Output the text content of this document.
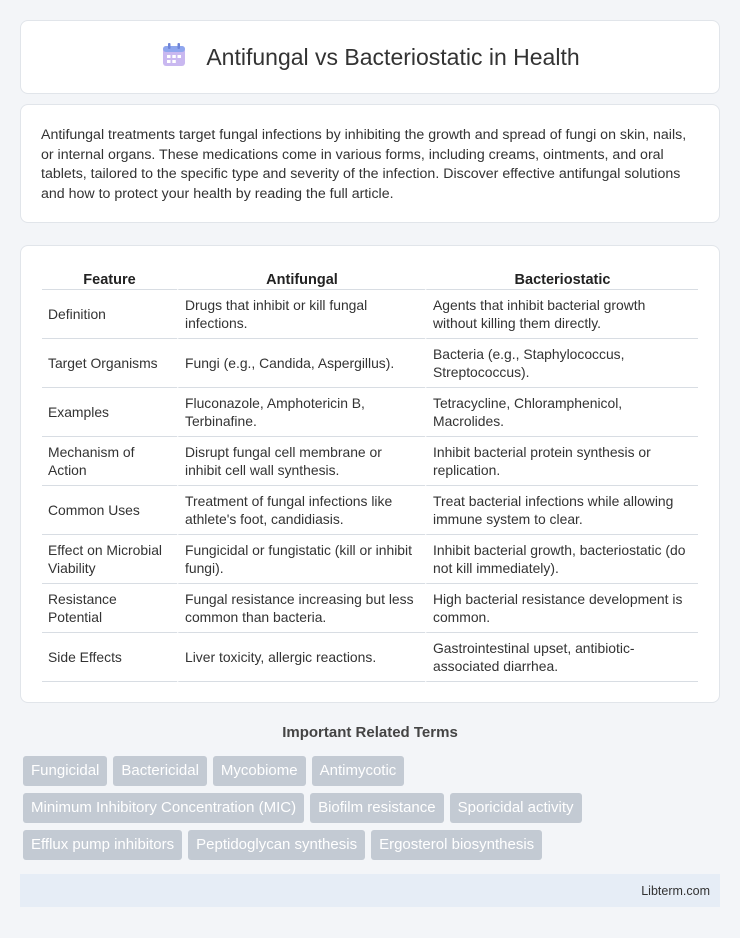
Antifungal vs Bacteriostatic in Health

Antifungal treatments target fungal infections by inhibiting the growth and spread of fungi on skin, nails, or internal organs. These medications come in various forms, including creams, ointments, and oral tablets, tailored to the specific type and severity of the infection. Discover effective antifungal solutions and how to protect your health by reading the full article.

Feature	Antifungal	Bacteriostatic
Definition	Drugs that inhibit or kill fungal infections.	Agents that inhibit bacterial growth without killing them directly.
Target Organisms	Fungi (e.g., Candida, Aspergillus).	Bacteria (e.g., Staphylococcus, Streptococcus).
Examples	Fluconazole, Amphotericin B, Terbinafine.	Tetracycline, Chloramphenicol, Macrolides.
Mechanism of Action	Disrupt fungal cell membrane or inhibit cell wall synthesis.	Inhibit bacterial protein synthesis or replication.
Common Uses	Treatment of fungal infections like athlete's foot, candidiasis.	Treat bacterial infections while allowing immune system to clear.
Effect on Microbial Viability	Fungicidal or fungistatic (kill or inhibit fungi).	Inhibit bacterial growth, bacteriostatic (do not kill immediately).
Resistance Potential	Fungal resistance increasing but less common than bacteria.	High bacterial resistance development is common.
Side Effects	Liver toxicity, allergic reactions.	Gastrointestinal upset, antibiotic-associated diarrhea.
Important Related Terms
Fungicidal	Bactericidal	Mycobiome	Antimycotic
Minimum Inhibitory Concentration (MIC)	Biofilm resistance	Sporicidal activity
Efflux pump inhibitors	Peptidoglycan synthesis	Ergosterol biosynthesis
Libterm.com
